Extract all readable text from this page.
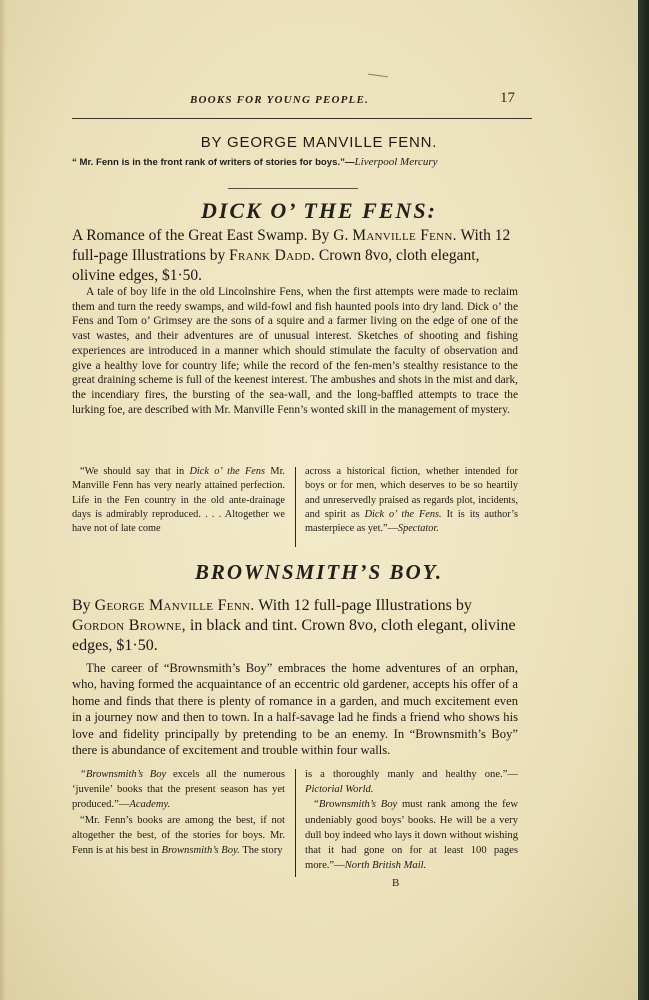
BOOKS FOR YOUNG PEOPLE.	17
BY GEORGE MANVILLE FENN.
“ Mr. Fenn is in the front rank of writers of stories for boys.”—Liverpool Mercury
DICK O’ THE FENS:
A Romance of the Great East Swamp. By G. Manville Fenn. With 12 full-page Illustrations by Frank Dadd. Crown 8vo, cloth elegant, olivine edges, $1·50.
A tale of boy life in the old Lincolnshire Fens, when the first attempts were made to reclaim them and turn the reedy swamps, and wild-fowl and fish haunted pools into dry land. Dick o’ the Fens and Tom o’ Grimsey are the sons of a squire and a farmer living on the edge of one of the vast wastes, and their adventures are of unusual interest. Sketches of shooting and fishing experiences are introduced in a manner which should stimulate the faculty of observation and give a healthy love for country life; while the record of the fen-men’s stealthy resistance to the great draining scheme is full of the keenest interest. The ambushes and shots in the mist and dark, the incendiary fires, the bursting of the sea-wall, and the long-baffled attempts to trace the lurking foe, are described with Mr. Manville Fenn’s wonted skill in the management of mystery.
“We should say that in Dick o’ the Fens Mr. Manville Fenn has very nearly attained perfection. Life in the Fen country in the old ante-drainage days is admirably reproduced. . . . Altogether we have not of late come
across a historical fiction, whether intended for boys or for men, which deserves to be so heartily and unreservedly praised as regards plot, incidents, and spirit as Dick o’ the Fens. It is its author’s masterpiece as yet.”—Spectator.
BROWNSMITH’S BOY.
By George Manville Fenn. With 12 full-page Illustrations by Gordon Browne, in black and tint. Crown 8vo, cloth elegant, olivine edges, $1·50.
The career of “Brownsmith’s Boy” embraces the home adventures of an orphan, who, having formed the acquaintance of an eccentric old gardener, accepts his offer of a home and finds that there is plenty of romance in a garden, and much excitement even in a journey now and then to town. In a half-savage lad he finds a friend who shows his love and fidelity principally by pretending to be an enemy. In “Brownsmith’s Boy” there is abundance of excitement and trouble within four walls.
“Brownsmith’s Boy excels all the numerous ‘juvenile’ books that the present season has yet produced.”—Academy.
“Mr. Fenn’s books are among the best, if not altogether the best, of the stories for boys. Mr. Fenn is at his best in Brownsmith’s Boy. The story
is a thoroughly manly and healthy one.”—Pictorial World.
“Brownsmith’s Boy must rank among the few undeniably good boys’ books. He will be a very dull boy indeed who lays it down without wishing that it had gone on for at least 100 pages more.”—North British Mail.
B
